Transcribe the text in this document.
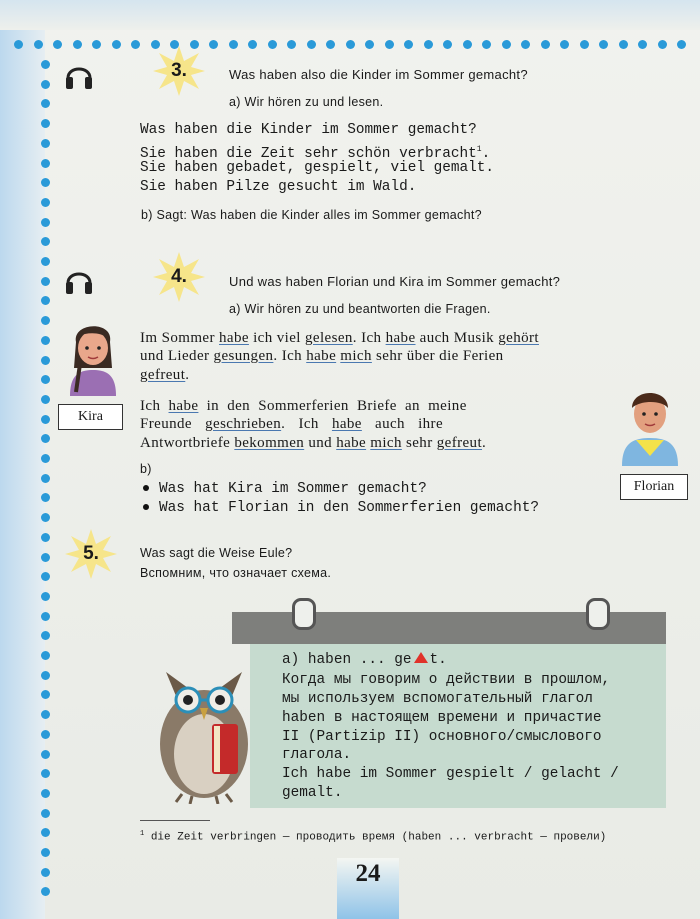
3.	Was haben also die Kinder im Sommer gemacht?
a) Wir hören zu und lesen.
Was haben die Kinder im Sommer gemacht?
Sie haben die Zeit sehr schön verbracht$^1$.
Sie haben gebadet, gespielt, viel gemalt.
Sie haben Pilze gesucht im Wald.
b) Sagt: Was haben die Kinder alles im Sommer gemacht?
4.	Und was haben Florian und Kira im Sommer gemacht?
a) Wir hören zu und beantworten die Fragen.
Kira
Im Sommer habe ich viel gelesen. Ich habe auch Musik gehört
und Lieder gesungen. Ich habe mich sehr über die Ferien
gefreut.
Ich habe in den Sommerferien Briefe an meine
Freunde geschrieben. Ich habe auch ihre
Antwortbriefe bekommen und habe mich sehr gefreut.
Florian
b)
Was hat Kira im Sommer gemacht?
Was hat Florian in den Sommerferien gemacht?
5.	Was sagt die Weise Eule?
Вспомним, что означает схема.
a) haben ... ge t.
Когда мы говорим о действии в прошлом,
мы используем вспомогательный глагол
haben в настоящем времени и причастие
II (Partizip II) основного/смыслового
глагола.
Ich habe im Sommer gespielt / gelacht /
gemalt.
$^1$ die Zeit verbringen — проводить время (haben ... verbracht — провели)
24
